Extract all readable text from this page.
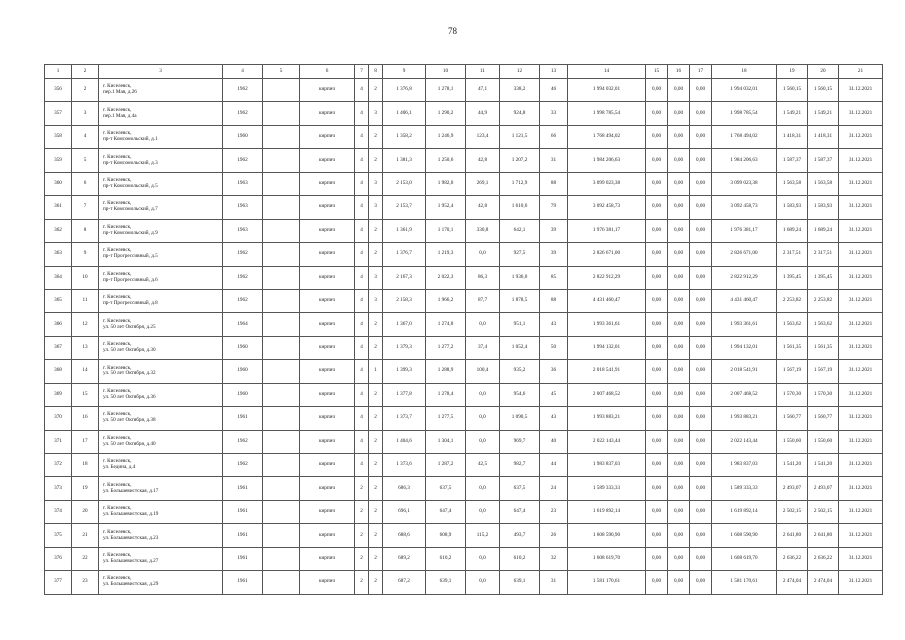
78
1	2	3	4	5	6	7	8	9	10	11	12	13	14	15	16	17	18	19	20	21
356	2	г. Киселевск,
пер.1 Мая, д.26	1962		кирпич	4	2	1 376,8	1 278,1	47,1	338,2	46	1 994 032,01	0,00	0,00	0,00	1 994 032,01	1 560,15	1 560,15	31.12.2021
357	3	г. Киселевск,
пер.1 Мая, д.4а	1962		кирпич	4	3	1 406,1	1 290,2	44,9	924,8	33	1 998 785,54	0,00	0,00	0,00	1 998 785,54	1 549,21	1 549,21	31.12.2021
358	4	г. Киселевск,
пр-т Комсомольский, д.1	1960		кирпич	4	2	1 358,2	1 246,9	123,4	1 121,5	66	1 768 494,02	0,00	0,00	0,00	1 768 494,02	1 418,31	1 418,31	31.12.2021
359	5	г. Киселевск,
пр-т Комсомольский, д.3	1962		кирпич	4	2	1 381,3	1 250,6	42,8	1 207,2	31	1 984 206,63	0,00	0,00	0,00	1 984 206,63	1 587,37	1 587,37	31.12.2021
360	6	г. Киселевск,
пр-т Комсомольский, д.5	1963		кирпич	4	3	2 153,0	1 982,0	269,1	1 712,9	88	3 099 023,38	0,00	0,00	0,00	3 099 023,38	1 563,58	1 563,58	31.12.2021
361	7	г. Киселевск,
пр-т Комсомольский, д.7	1963		кирпич	4	3	2 153,7	1 952,4	42,8	1 610,6	79	3 092 458,73	0,00	0,00	0,00	3 092 458,73	1 583,93	1 583,93	31.12.2021
362	8	г. Киселевск,
пр-т Комсомольский, д.9	1963		кирпич	4	2	1 361,9	1 170,1	330,8	642,1	39	1 976 381,17	0,00	0,00	0,00	1 976 381,17	1 689,24	1 689,24	31.12.2021
363	9	г. Киселевск,
пр-т Прогрессивный, д.5	1962		кирпич	4	2	1 376,7	1 219,3	0,0	927,5	39	2 826 671,00	0,00	0,00	0,00	2 826 671,00	2 317,51	2 317,51	31.12.2021
364	10	г. Киселевск,
пр-т Прогрессивный, д.6	1962		кирпич	4	3	2 167,3	2 022,3	86,3	1 936,0	85	2 822 912,29	0,00	0,00	0,00	2 822 912,29	1 395,45	1 395,45	31.12.2021
365	11	г. Киселевск,
пр-т Прогрессивный, д.8	1962		кирпич	4	3	2 158,3	1 966,2	87,7	1 878,5	88	4 431 460,47	0,00	0,00	0,00	4 431 460,47	2 253,82	2 253,82	31.12.2021
366	12	г. Киселевск,
ул. 50 лет Октября, д.25	1964		кирпич	4	2	1 367,0	1 274,8	0,0	951,1	43	1 993 361,61	0,00	0,00	0,00	1 993 361,61	1 563,62	1 563,62	31.12.2021
367	13	г. Киселевск,
ул. 50 лет Октября, д.30	1960		кирпич	4	2	1 379,3	1 277,2	37,4	1 052,4	50	1 994 132,01	0,00	0,00	0,00	1 994 132,01	1 561,35	1 561,35	31.12.2021
368	14	г. Киселевск,
ул. 50 лет Октября, д.32	1960		кирпич	4	1	1 399,3	1 288,9	100,4	935,2	36	2 018 541,91	0,00	0,00	0,00	2 018 541,91	1 567,19	1 567,19	31.12.2021
369	15	г. Киселевск,
ул. 50 лет Октября, д.36	1960		кирпич	4	2	1 377,8	1 278,4	0,0	954,6	45	2 007 468,52	0,00	0,00	0,00	2 007 468,52	1 570,30	1 570,30	31.12.2021
370	16	г. Киселевск,
ул. 50 лет Октября, д.38	1961		кирпич	4	2	1 373,7	1 277,5	0,0	1 090,5	43	1 993 883,21	0,00	0,00	0,00	1 993 883,21	1 560,77	1 560,77	31.12.2021
371	17	г. Киселевск,
ул. 50 лет Октября, д.40	1962		кирпич	4	2	1 404,6	1 304,1	0,0	969,7	40	2 022 143,44	0,00	0,00	0,00	2 022 143,44	1 550,60	1 550,60	31.12.2021
372	18	г. Киселевск,
ул. Бедина, д.4	1962		кирпич	4	2	1 373,6	1 287,2	42,5	982,7	44	1 983 837,03	0,00	0,00	0,00	1 983 837,03	1 541,20	1 541,20	31.12.2021
373	19	г. Киселевск,
ул. Большевистская, д.17	1961		кирпич	2	2	686,3	637,5	0,0	637,5	24	1 589 333,33	0,00	0,00	0,00	1 589 333,33	2 493,07	2 493,07	31.12.2021
374	20	г. Киселевск,
ул. Большевистская, д.19	1961		кирпич	2	2	696,1	647,4	0,0	647,4	23	1 619 892,14	0,00	0,00	0,00	1 619 892,14	2 502,15	2 502,15	31.12.2021
375	21	г. Киселевск,
ул. Большевистская, д.23	1961		кирпич	2	2	688,6	608,9	115,2	493,7	26	1 608 590,90	0,00	0,00	0,00	1 608 590,90	2 641,80	2 641,80	31.12.2021
376	22	г. Киселевск,
ул. Большевистская, д.27	1961		кирпич	2	2	689,2	610,2	0,0	610,2	32	1 608 619,70	0,00	0,00	0,00	1 608 619,70	2 636,22	2 636,22	31.12.2021
377	23	г. Киселевск,
ул. Большевистская, д.29	1961		кирпич	2	2	687,2	639,1	0,0	639,1	31	1 581 170,61	0,00	0,00	0,00	1 581 170,61	2 474,04	2 474,04	31.12.2021
